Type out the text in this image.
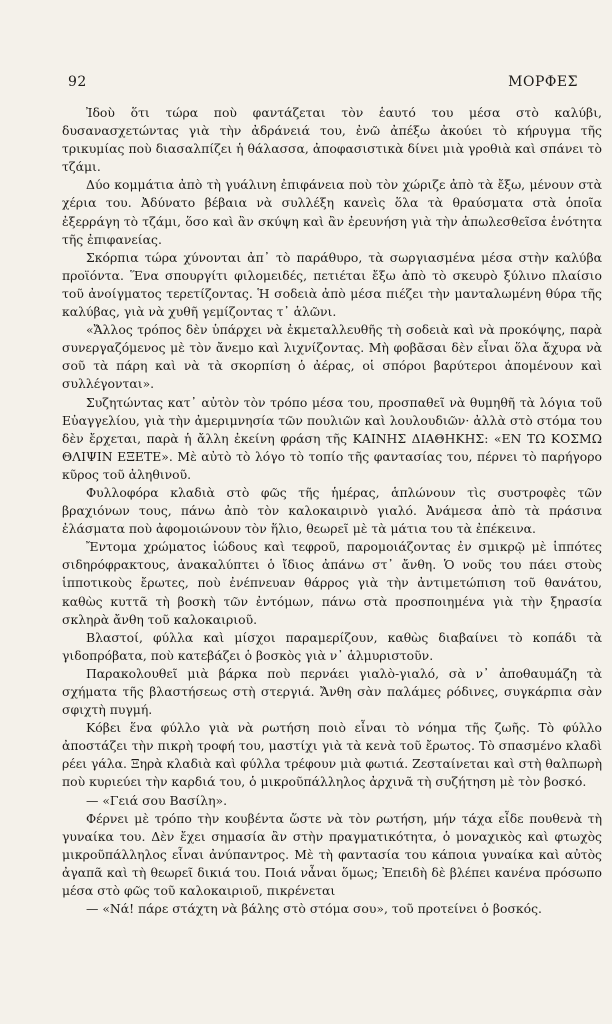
92	ΜΟΡΦΕΣ

Ἰδοὺ ὅτι τώρα ποὺ φαντάζεται τὸν ἑαυτό του μέσα στὸ καλύβι, δυσανασχετώντας γιὰ τὴν ἀδράνειά του, ἐνῶ ἀπέξω ἀκούει τὸ κήρυγμα τῆς τρικυμίας ποὺ διασαλπίζει ἡ θάλασσα, ἀποφασιστικὰ δίνει μιὰ γροθιὰ καὶ σπάνει τὸ τζάμι.

Δύο κομμάτια ἀπὸ τὴ γυάλινη ἐπιφάνεια ποὺ τὸν χώριζε ἀπὸ τὰ ἔξω, μένουν στὰ χέρια του. Ἀδύνατο βέβαια νὰ συλλέξη κανεὶς ὅλα τὰ θραύσματα στὰ ὁποῖα ἐξερράγη τὸ τζάμι, ὅσο καὶ ἂν σκύψη καὶ ἂν ἐρευνήση γιὰ τὴν ἀπωλεσθεῖσα ἑνότητα τῆς ἐπιφανείας.

Σκόρπια τώρα χύνονται ἀπ᾽ τὸ παράθυρο, τὰ σωργιασμένα μέσα στὴν καλύβα προϊόντα. Ἕνα σπουργίτι φιλομειδές, πετιέται ἔξω ἀπὸ τὸ σκευρὸ ξύλινο πλαίσιο τοῦ ἀνοίγματος τερετίζοντας. Ἡ σοδειὰ ἀπὸ μέσα πιέζει τὴν μανταλωμένη θύρα τῆς καλύβας, γιὰ νὰ χυθῆ γεμίζοντας τ᾽ ἁλῶνι.

«Ἄλλος τρόπος δὲν ὑπάρχει νὰ ἐκμεταλλευθῆς τὴ σοδειὰ καὶ νὰ προκόψης, παρὰ συνεργαζόμενος μὲ τὸν ἄνεμο καὶ λιχνίζοντας. Μὴ φοβᾶσαι δὲν εἶναι ὅλα ἄχυρα νὰ σοῦ τὰ πάρη καὶ νὰ τὰ σκορπίση ὁ ἀέρας, οἱ σπόροι βαρύτεροι ἀπομένουν καὶ συλλέγονται».

Συζητώντας κατ᾽ αὐτὸν τὸν τρόπο μέσα του, προσπαθεῖ νὰ θυμηθῆ τὰ λόγια τοῦ Εὐαγγελίου, γιὰ τὴν ἀμεριμνησία τῶν πουλιῶν καὶ λουλουδιῶν· ἀλλὰ στὸ στόμα του δὲν ἔρχεται, παρὰ ἡ ἄλλη ἐκείνη φράση τῆς ΚΑΙΝΗΣ ΔΙΑΘΗΚΗΣ: «ΕΝ ΤΩ ΚΟΣΜΩ ΘΛΙΨΙΝ ΕΞΕΤΕ». Μὲ αὐτὸ τὸ λόγο τὸ τοπίο τῆς φαντασίας του, πέρνει τὸ παρήγορο κῦρος τοῦ ἀληθινοῦ.

Φυλλοφόρα κλαδιὰ στὸ φῶς τῆς ἡμέρας, ἁπλώνουν τὶς συστροφὲς τῶν βραχιόνων τους, πάνω ἀπὸ τὸν καλοκαιρινὸ γιαλό. Ἀνάμεσα ἀπὸ τὰ πράσινα ἐλάσματα ποὺ ἀφομοιώνουν τὸν ἥλιο, θεωρεῖ μὲ τὰ μάτια του τὰ ἐπέκεινα.

Ἔντομα χρώματος ἰώδους καὶ τεφροῦ, παρομοιάζοντας ἐν σμικρῷ μὲ ἱππότες σιδηρόφρακτους, ἀνακαλύπτει ὁ ἴδιος ἀπάνω στ᾽ ἄνθη. Ὁ νοῦς του πάει στοὺς ἱπποτικοὺς ἔρωτες, ποὺ ἐνέπνευαν θάρρος γιὰ τὴν ἀντιμετώπιση τοῦ θανάτου, καθὼς κυττᾶ τὴ βοσκὴ τῶν ἐντόμων, πάνω στὰ προσποιημένα γιὰ τὴν ξηρασία σκληρὰ ἄνθη τοῦ καλοκαιριοῦ.

Βλαστοί, φύλλα καὶ μίσχοι παραμερίζουν, καθὼς διαβαίνει τὸ κοπάδι τὰ γιδοπρόβατα, ποὺ κατεβάζει ὁ βοσκὸς γιὰ ν᾽ ἁλμυριστοῦν.

Παρακολουθεῖ μιὰ βάρκα ποὺ περνάει γιαλὸ-γιαλό, σὰ ν᾽ ἀποθαυμάζη τὰ σχήματα τῆς βλαστήσεως στὴ στεργιά. Ἄνθη σὰν παλάμες ρόδινες, συγκάρπια σὰν σφιχτὴ πυγμή.

Κόβει ἕνα φύλλο γιὰ νὰ ρωτήση ποιὸ εἶναι τὸ νόημα τῆς ζωῆς. Τὸ φύλλο ἀποστάζει τὴν πικρὴ τροφή του, μαστίχι γιὰ τὰ κενὰ τοῦ ἔρωτος. Τὸ σπασμένο κλαδὶ ρέει γάλα. Ξηρὰ κλαδιὰ καὶ φύλλα τρέφουν μιὰ φωτιά. Ζεσταίνεται καὶ στὴ θαλπωρὴ ποὺ κυριεύει τὴν καρδιά του, ὁ μικροῦπάλληλος ἀρχινᾶ τὴ συζήτηση μὲ τὸν βοσκό.

— «Γειά σου Βασίλη».

Φέρνει μὲ τρόπο τὴν κουβέντα ὥστε νὰ τὸν ρωτήση, μήν τάχα εἶδε πουθενὰ τὴ γυναίκα του. Δὲν ἔχει σημασία ἂν στὴν πραγματικότητα, ὁ μοναχικὸς καὶ φτωχὸς μικροῦπάλληλος εἶναι ἀνύπαντρος. Μὲ τὴ φαντασία του κάποια γυναίκα καὶ αὐτὸς ἀγαπᾶ καὶ τὴ θεωρεῖ δικιά του. Ποιά νἆναι ὅμως; Ἐπειδὴ δὲ βλέπει κανένα πρόσωπο μέσα στὸ φῶς τοῦ καλοκαιριοῦ, πικρένεται

— «Νά! πάρε στάχτη νὰ βάλης στὸ στόμα σου», τοῦ προτείνει ὁ βοσκός.
